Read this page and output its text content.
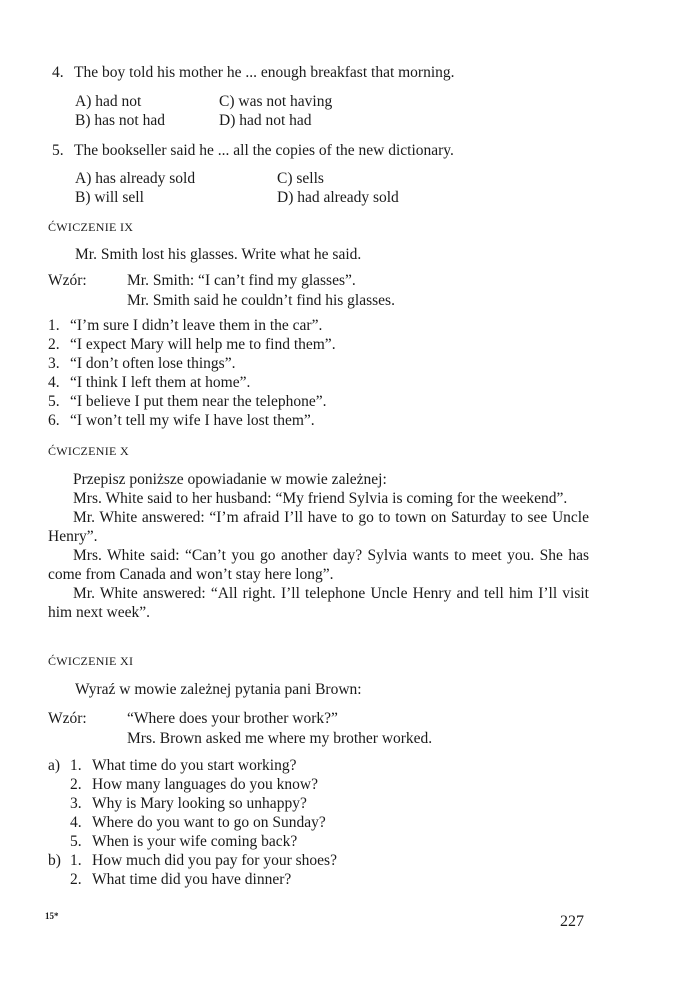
4. The boy told his mother he ... enough breakfast that morning.
A) had not	C) was not having
B) has not had	D) had not had
5. The bookseller said he ... all the copies of the new dictionary.
A) has already sold	C) sells
B) will sell	D) had already sold
ĆWICZENIE IX
Mr. Smith lost his glasses. Write what he said.
Wzór:	Mr. Smith: “I can’t find my glasses”.
Mr. Smith said he couldn’t find his glasses.
1. “I’m sure I didn’t leave them in the car”.
2. “I expect Mary will help me to find them”.
3. “I don’t often lose things”.
4. “I think I left them at home”.
5. “I believe I put them near the telephone”.
6. “I won’t tell my wife I have lost them”.
ĆWICZENIE X

Przepisz poniższe opowiadanie w mowie zależnej:

Mrs. White said to her husband: “My friend Sylvia is coming for the weekend”.

Mr. White answered: “I’m afraid I’ll have to go to town on Saturday to see Uncle Henry”.

Mrs. White said: “Can’t you go another day? Sylvia wants to meet you. She has come from Canada and won’t stay here long”.

Mr. White answered: “All right. I’ll telephone Uncle Henry and tell him I’ll visit him next week”.

ĆWICZENIE XI
Wyraź w mowie zależnej pytania pani Brown:
Wzór:	“Where does your brother work?”
Mrs. Brown asked me where my brother worked.
a) 1. What time do you start working?
2. How many languages do you know?
3. Why is Mary looking so unhappy?
4. Where do you want to go on Sunday?
5. When is your wife coming back?
b) 1. How much did you pay for your shoes?
2. What time did you have dinner?
15*	227
